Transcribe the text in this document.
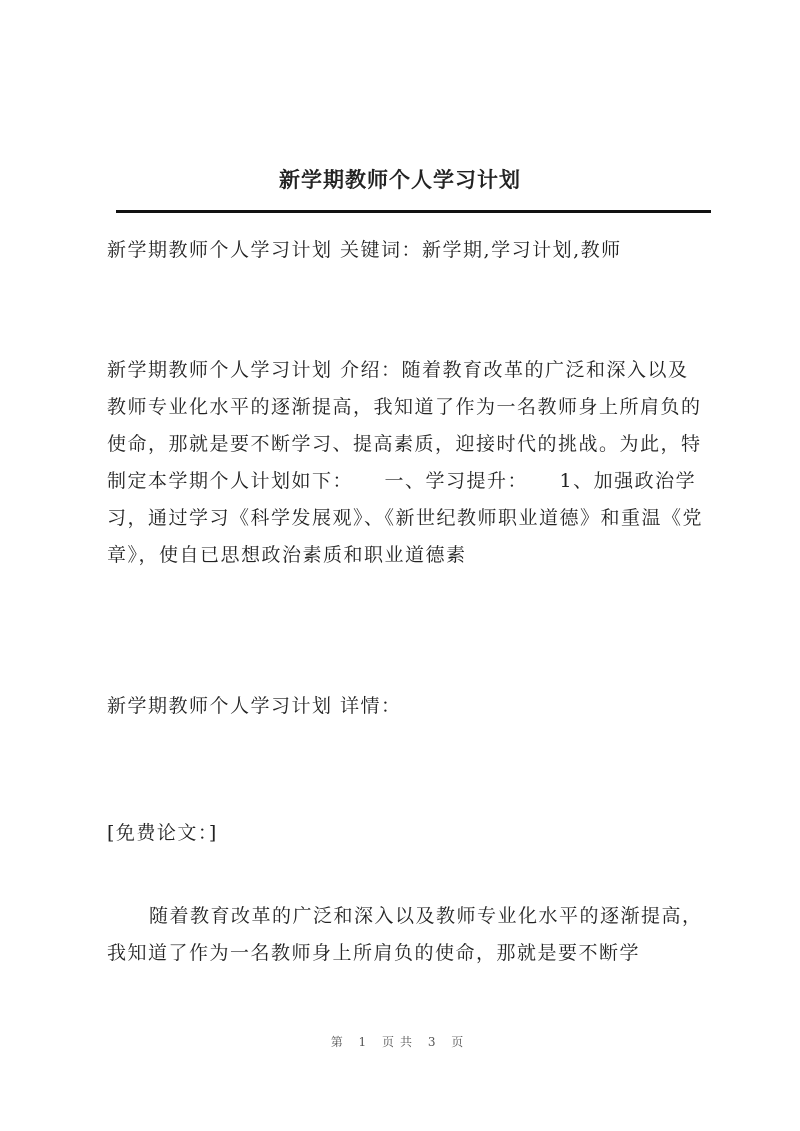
新学期教师个人学习计划
新学期教师个人学习计划 关键词：新学期,学习计划,教师
新学期教师个人学习计划 介绍：随着教育改革的广泛和深入以及教师专业化水平的逐渐提高，我知道了作为一名教师身上所肩负的使命，那就是要不断学习、提高素质，迎接时代的挑战。为此，特制定本学期个人计划如下：　　一、学习提升：　　1、加强政治学习，通过学习《科学发展观》、《新世纪教师职业道德》和重温《党章》，使自已思想政治素质和职业道德素
新学期教师个人学习计划 详情：
[免费论文：]
随着教育改革的广泛和深入以及教师专业化水平的逐渐提高，我知道了作为一名教师身上所肩负的使命，那就是要不断学
第 1 页共 3 页
